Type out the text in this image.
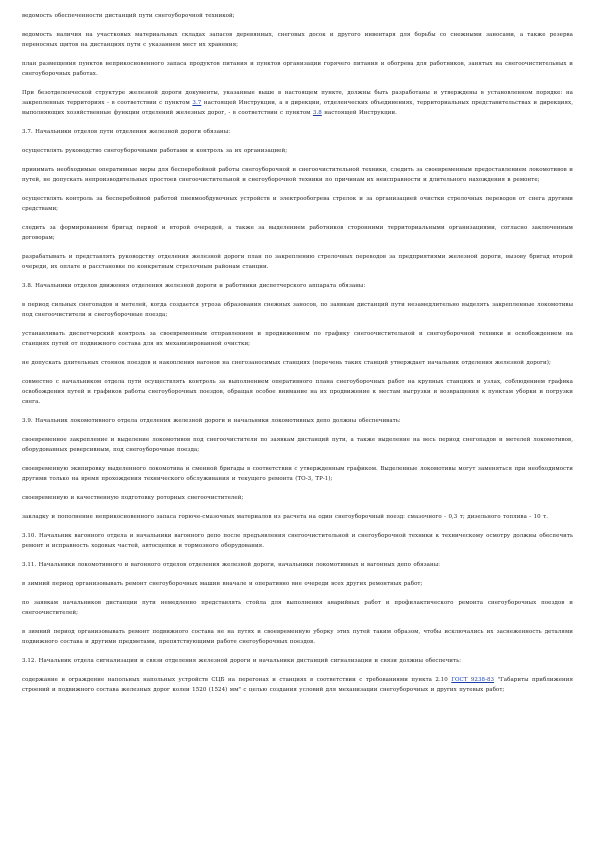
ведомость обеспеченности дистанций пути снегоуборочной техникой;

ведомость наличия на участковых материальных складах запасов деревянных, снеговых досок и другого инвентаря для борьбы со снежными заносами, а также резерва переносных щитов на дистанциях пути с указанием мест их хранения;

план размещения пунктов неприкосновенного запаса продуктов питания и пунктов организации горячего питания и обогрева для работников, занятых на снегоочистительных и снегоуборочных работах.

При безотделенческой структуре железной дороги документы, указанные выше в настоящем пункте, должны быть разработаны и утверждены в установленном порядке: на закрепленных территориях - в соответствии с пунктом 3.7 настоящей Инструкции, а в дирекции, отделенческих объединениях, территориальных представительствах и дирекциях, выполняющих хозяйственные функции отделений железных дорог, - в соответствии с пунктом 3.8 настоящей Инструкции.

3.7. Начальники отделов пути отделения железной дороги обязаны:

осуществлять руководство снегоуборочными работами и контроль за их организацией;

принимать необходимые оперативные меры для бесперебойной работы снегоуборочной и снегоочистительной техники, следить за своевременным предоставлением локомотивов и путей, не допускать непроизводительных простоев снегоочистительной и снегоуборочной техники по причинам их неисправности и длительного нахождения в ремонте;

осуществлять контроль за бесперебойной работой пневмообдувочных устройств и электрообогрева стрелок и за организацией очистки стрелочных переводов от снега другими средствами;

следить за формированием бригад первой и второй очередей, а также за выделением работников сторонними территориальными организациями, согласно заключенным договорам;

разрабатывать и представлять руководству отделения железной дороги план по закреплению стрелочных переводов за предприятиями железной дороги, вызову бригад второй очереди, их оплате и расстановке по конкретным стрелочным районам станции.

3.8. Начальники отделов движения отделения железной дороги и работники диспетчерского аппарата обязаны:

в период сильных снегопадов и метелей, когда создается угроза образования снежных заносов, по заявкам дистанций пути незамедлительно выделять закрепленные локомотивы под снегоочистители и снегоуборочные поезда;

устанавливать диспетчерский контроль за своевременным отправлением и продвижением по графику снегоочистительной и снегоуборочной техники и освобождением на станциях путей от подвижного состава для их механизированной очистки;

не допускать длительных стоянок поездов и накопления вагонов на снегозаносимых станциях (перечень таких станций утверждает начальник отделения железной дороги);

совместно с начальником отдела пути осуществлять контроль за выполнением оперативного плана снегоуборочных работ на крупных станциях и узлах, соблюдением графика освобождения путей и графиков работы снегоуборочных поездов, обращая особое внимание на их продвижение к местам выгрузки и возвращения к пунктам уборки и погрузки снега.

3.9. Начальник локомотивного отдела отделения железной дороги и начальники локомотивных депо должны обеспечивать:

своевременное закрепление и выделение локомотивов под снегоочистители по заявкам дистанций пути, а также выделение на весь период снегопадов и метелей локомотивов, оборудованных реверсивным, под снегоуборочные поезда;

своевременную экипировку выделенного локомотива и сменной бригады в соответствии с утвержденным графиком. Выделенные локомотивы могут заменяться при необходимости другими только на время прохождения технического обслуживания и текущего ремонта (ТО-3, ТР-1);

своевременную и качественную подготовку роторных снегоочистителей;

закладку и пополнение неприкосновенного запаса горюче-смазочных материалов из расчета на один снегоуборочный поезд: смазочного - 0,3 т; дизельного топлива - 10 т.

3.10. Начальник вагонного отдела и начальники вагонного депо после предъявления снегоочистительной и снегоуборочной техники к техническому осмотру должны обеспечить ремонт и исправность ходовых частей, автосцепки и тормозного оборудования.

3.11. Начальники локомотивного и вагонного отделов отделения железной дороги, начальники локомотивных и вагонных депо обязаны:

в зимний период организовывать ремонт снегоуборочных машин вначале и оперативно вне очереди всех других ремонтных работ;

по заявкам начальников дистанции пути немедленно представлять стойла для выполнения аварийных работ и профилактического ремонта снегоуборочных поездов и снегоочистителей;

в зимний период организовывать ремонт подвижного состава не на путях и своевременную уборку этих путей таким образом, чтобы исключались их заснеженность деталями подвижного состава и другими предметами, препятствующими работе снегоуборочных поездов.

3.12. Начальник отдела сигнализации и связи отделения железной дороги и начальники дистанций сигнализации и связи должны обеспечить:

содержание и ограждение напольных напольных устройств СЦБ на перегонах и станциях в соответствии с требованиями пункта 2.10 ГОСТ 9238-83 "Габариты приближения строений и подвижного состава железных дорог колеи 1520 (1524) мм" с целью создания условий для механизации снегоуборочных и других путевых работ;
